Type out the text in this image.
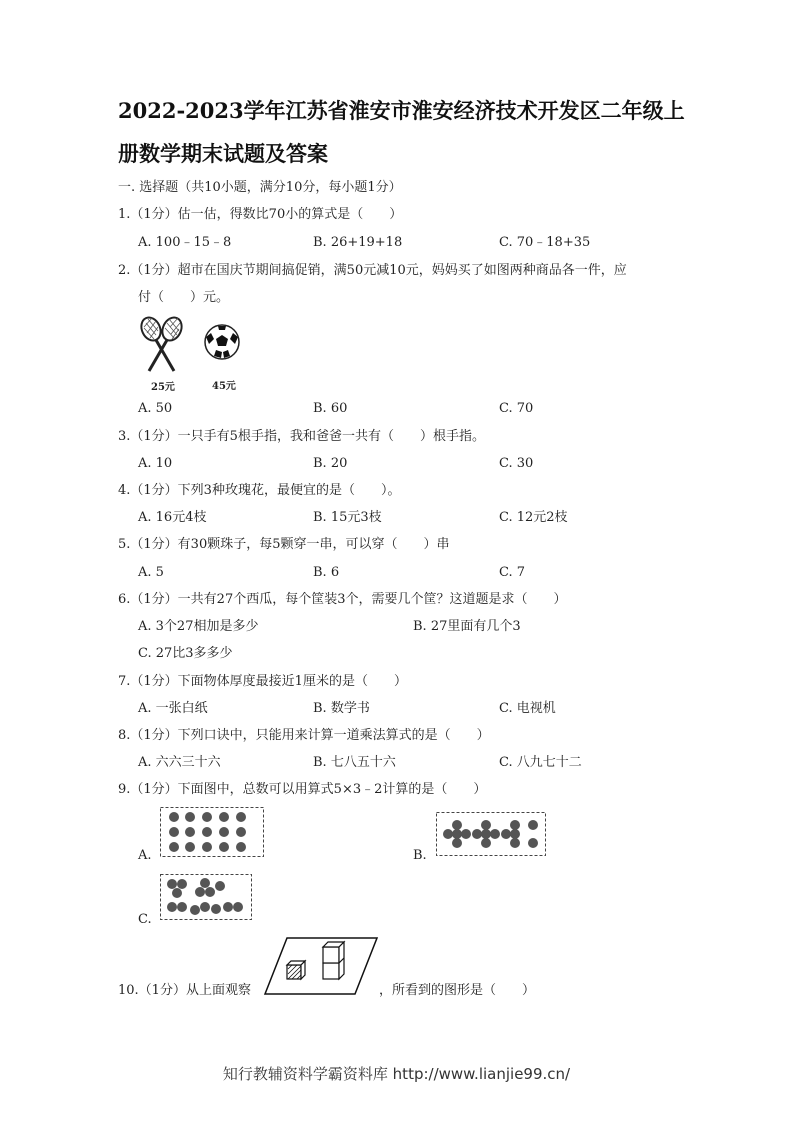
2022-2023学年江苏省淮安市淮安经济技术开发区二年级上
册数学期末试题及答案
一. 选择题（共10小题，满分10分，每小题1分）
1.（1分）估一估，得数比70小的算式是（　　）
A. 100﹣15﹣8	B. 26+19+18	C. 70﹣18+35
2.（1分）超市在国庆节期间搞促销，满50元减10元，妈妈买了如图两种商品各一件，应
付（　　）元。
25元	45元
A. 50	B. 60	C. 70
3.（1分）一只手有5根手指，我和爸爸一共有（　　）根手指。
A. 10	B. 20	C. 30
4.（1分）下列3种玫瑰花，最便宜的是（　　）。
A. 16元4枝	B. 15元3枝	C. 12元2枝
5.（1分）有30颗珠子，每5颗穿一串，可以穿（　　）串
A. 5	B. 6	C. 7
6.（1分）一共有27个西瓜，每个筐装3个，需要几个筐？这道题是求（　　）
A. 3个27相加是多少	B. 27里面有几个3
C. 27比3多多少
7.（1分）下面物体厚度最接近1厘米的是（　　）
A. 一张白纸	B. 数学书	C. 电视机
8.（1分）下列口诀中，只能用来计算一道乘法算式的是（　　）
A. 六六三十六	B. 七八五十六	C. 八九七十二
9.（1分）下面图中，总数可以用算式5×3﹣2计算的是（　　）
A.	B.
C.
10.（1分）从上面观察	，所看到的图形是（　　）
知行教辅资料学霸资料库 http://www.lianjie99.cn/
